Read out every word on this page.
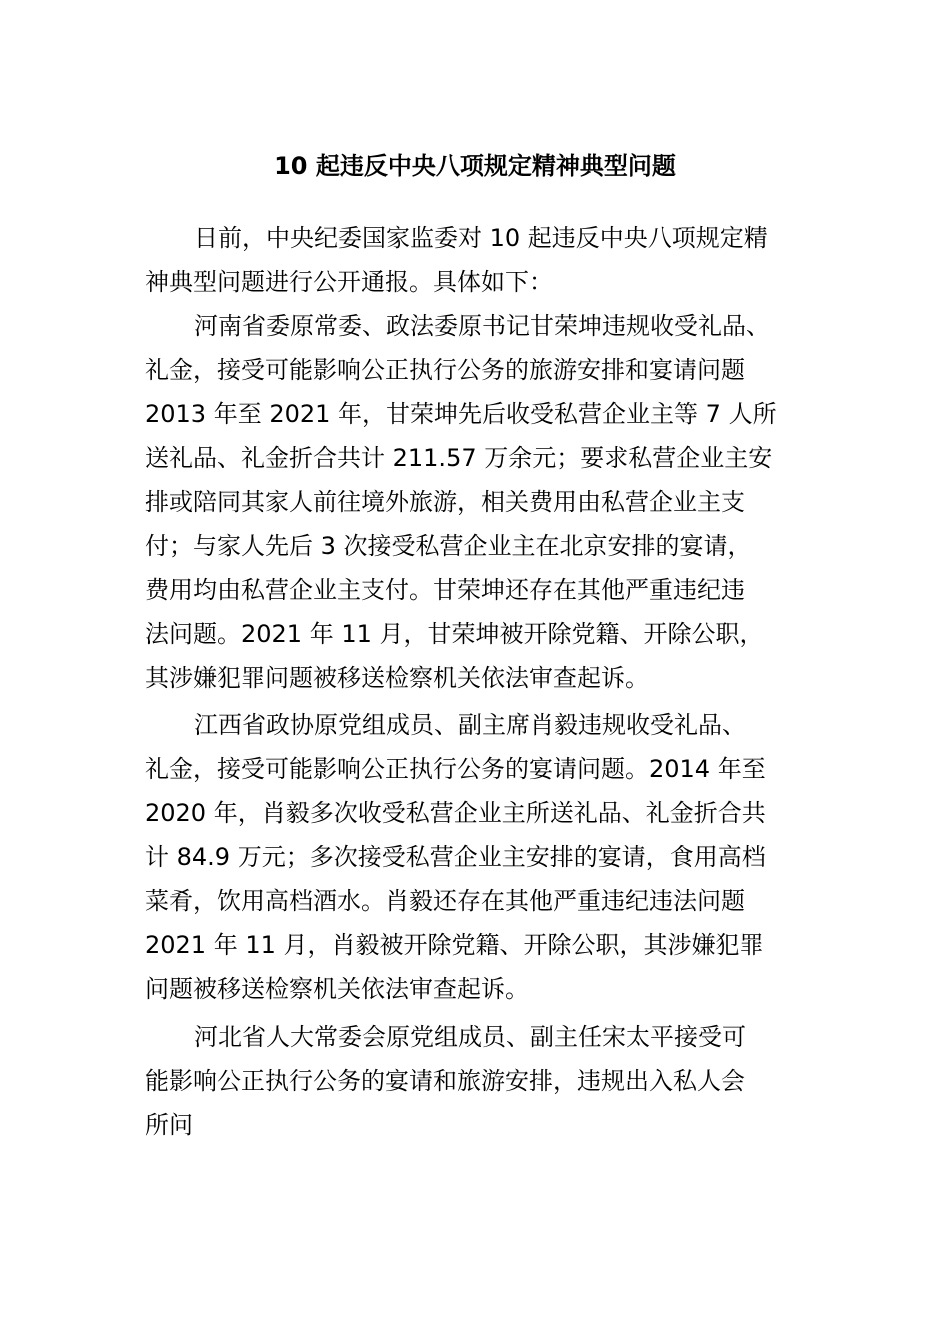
10 起违反中央八项规定精神典型问题
日前，中央纪委国家监委对 10 起违反中央八项规定精
神典型问题进行公开通报。具体如下：
河南省委原常委、政法委原书记甘荣坤违规收受礼品、
礼金，接受可能影响公正执行公务的旅游安排和宴请问题
2013 年至 2021 年，甘荣坤先后收受私营企业主等 7 人所
送礼品、礼金折合共计 211.57 万余元；要求私营企业主安
排或陪同其家人前往境外旅游，相关费用由私营企业主支
付；与家人先后 3 次接受私营企业主在北京安排的宴请，
费用均由私营企业主支付。甘荣坤还存在其他严重违纪违
法问题。2021 年 11 月，甘荣坤被开除党籍、开除公职，
其涉嫌犯罪问题被移送检察机关依法审查起诉。
江西省政协原党组成员、副主席肖毅违规收受礼品、
礼金，接受可能影响公正执行公务的宴请问题。2014 年至
2020 年，肖毅多次收受私营企业主所送礼品、礼金折合共
计 84.9 万元；多次接受私营企业主安排的宴请，食用高档
菜肴，饮用高档酒水。肖毅还存在其他严重违纪违法问题
2021 年 11 月，肖毅被开除党籍、开除公职，其涉嫌犯罪
问题被移送检察机关依法审查起诉。
河北省人大常委会原党组成员、副主任宋太平接受可
能影响公正执行公务的宴请和旅游安排，违规出入私人会
所问
